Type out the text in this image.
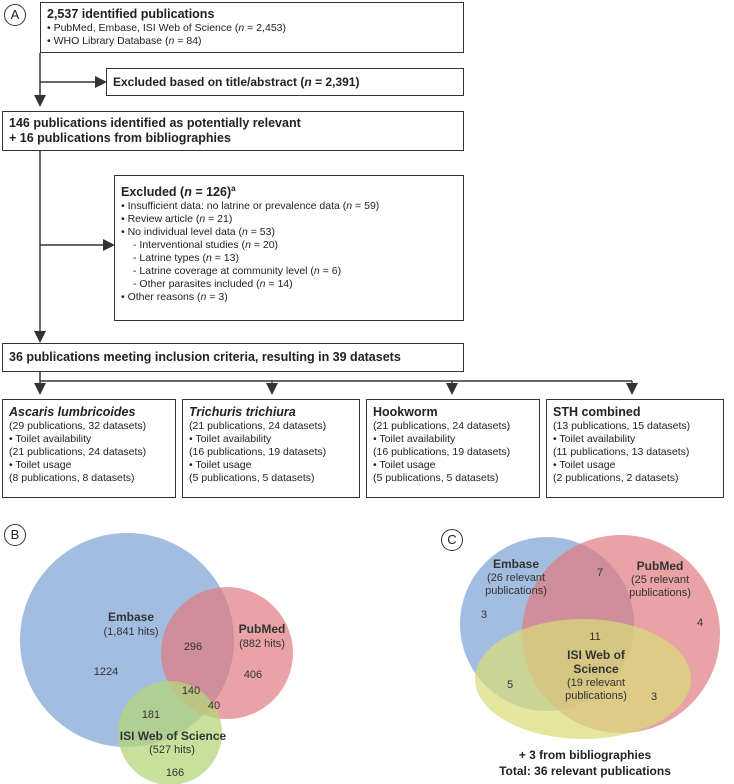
A	2,537 identified publications
• PubMed, Embase, ISI Web of Science (n = 2,453)
• WHO Library Database (n = 84)
Excluded based on title/abstract (n = 2,391)
146 publications identified as potentially relevant
+ 16 publications from bibliographies
Excluded (n = 126)$^a$
• Insufficient data: no latrine or prevalence data (n = 59)
• Review article (n = 21)
• No individual level data (n = 53)
- Interventional studies (n = 20)
- Latrine types (n = 13)
- Latrine coverage at community level (n = 6)
- Other parasites included (n = 14)
• Other reasons (n = 3)
36 publications meeting inclusion criteria, resulting in 39 datasets
Ascaris lumbricoides
(29 publications, 32 datasets)
• Toilet availability
(21 publications, 24 datasets)
• Toilet usage
(8 publications, 8 datasets)
Trichuris trichiura
(21 publications, 24 datasets)
• Toilet availability
(16 publications, 19 datasets)
• Toilet usage
(5 publications, 5 datasets)
Hookworm
(21 publications, 24 datasets)
• Toilet availability
(16 publications, 19 datasets)
• Toilet usage
(5 publications, 5 datasets)
STH combined
(13 publications, 15 datasets)
• Toilet availability
(11 publications, 13 datasets)
• Toilet usage
(2 publications, 2 datasets)
B
Embase
(1,841 hits)
1224
PubMed
(882 hits)
406
296
140
181
40
ISI Web of Science
(527 hits)
166
C
Embase
(26 relevant
publications)
3
7	PubMed
(25 relevant
publications)
4
11
ISI Web of
Science
(19 relevant
publications)
5
3
+ 3 from bibliographies
Total: 36 relevant publications
